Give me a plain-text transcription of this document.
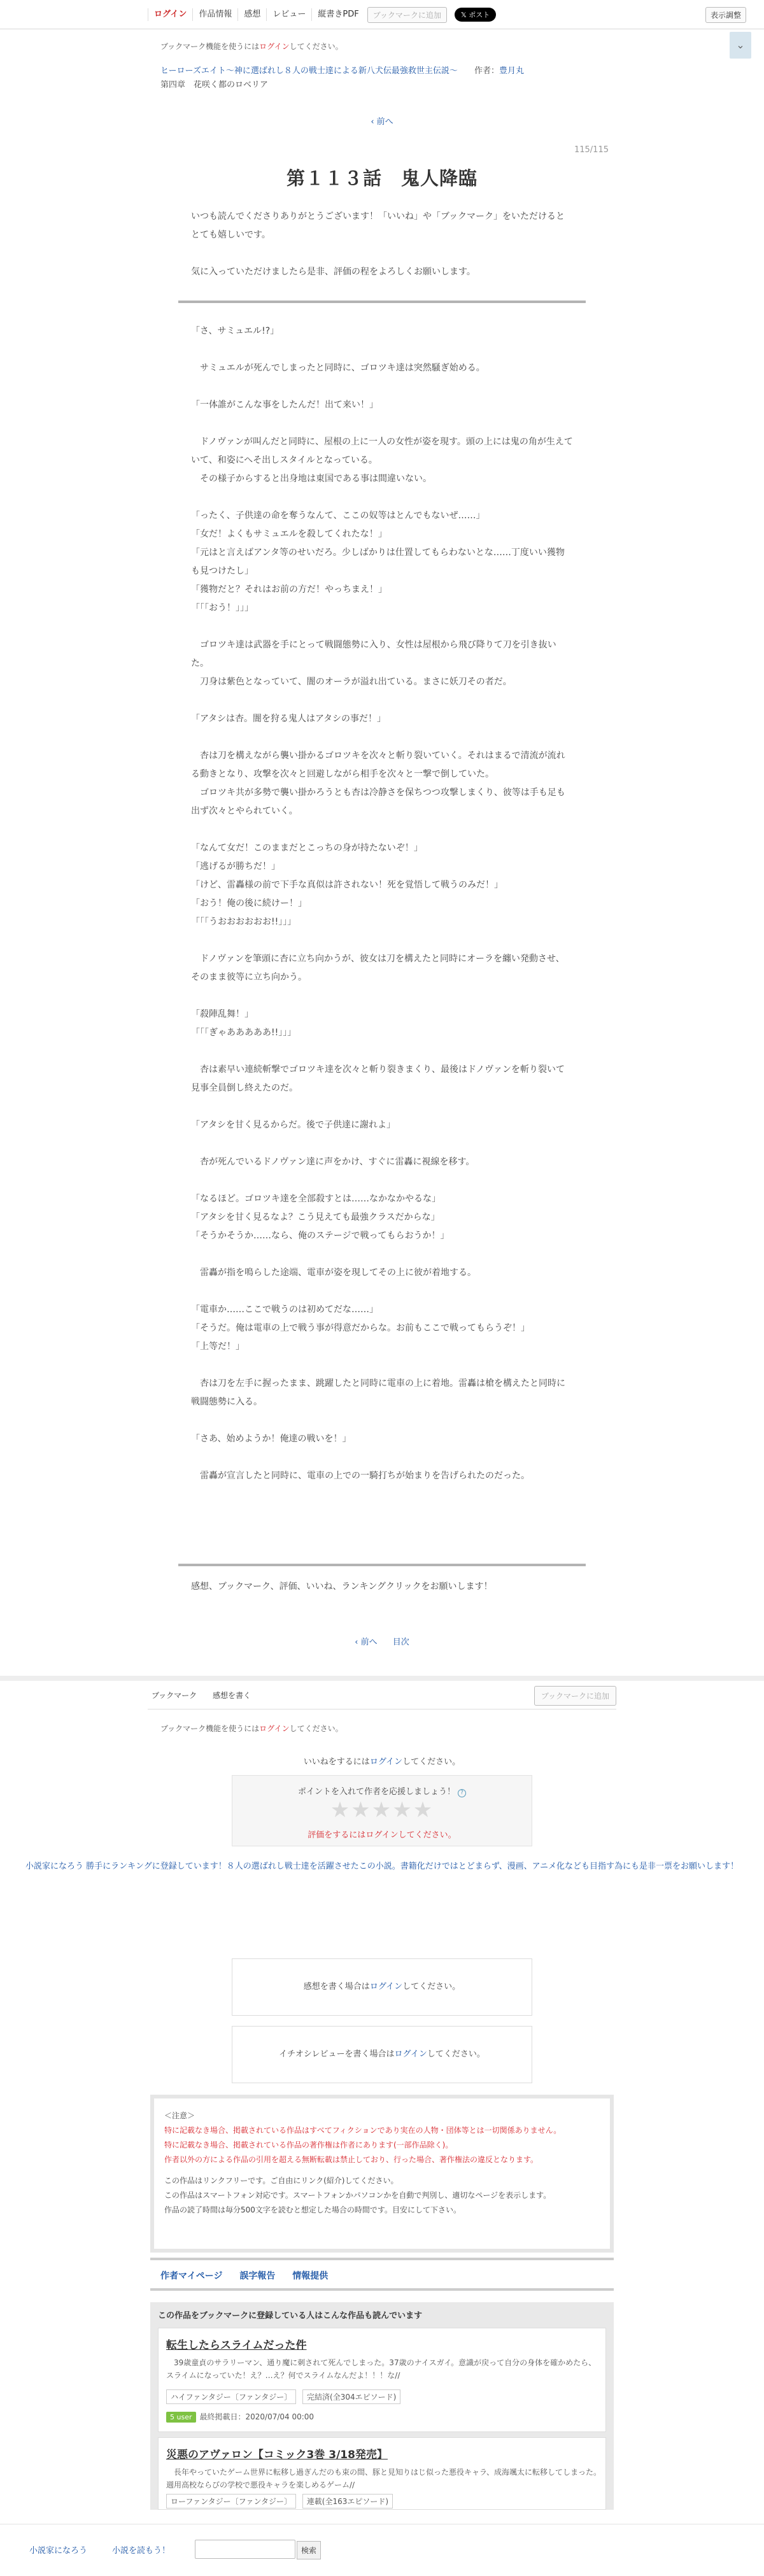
ログイン	作品情報	感想	レビュー	縦書きPDF	ブックマークに追加	𝕏 ポスト	表示調整
ブックマーク機能を使うにはログインしてください。	⌄
ヒーローズエイト〜神に選ばれし８人の戦士達による新八犬伝最強救世主伝説〜 作者：豊月丸
第四章　花咲く都のロベリア
‹ 前へ
115/115
第１１３話　鬼人降臨

いつも読んでくださりありがとうございます！「いいね」や「ブックマーク」をいただけるととても嬉しいです。

気に入っていただけましたら是非、評価の程をよろしくお願いします。

「さ、サミュエル!?」

　サミュエルが死んでしまったと同時に、ゴロツキ達は突然騒ぎ始める。

「一体誰がこんな事をしたんだ！出て来い！」

　ドノヴァンが叫んだと同時に、屋根の上に一人の女性が姿を現す。頭の上には鬼の角が生えていて、和姿にへそ出しスタイルとなっている。
　その様子からすると出身地は東国である事は間違いない。

「ったく、子供達の命を奪うなんて、ここの奴等はとんでもないぜ……」
「女だ！よくもサミュエルを殺してくれたな！」
「元はと言えばアンタ等のせいだろ。少しばかりは仕置してもらわないとな……丁度いい獲物も見つけたし」
「獲物だと？それはお前の方だ！やっちまえ！」
「「「おう！」」」

　ゴロツキ達は武器を手にとって戦闘態勢に入り、女性は屋根から飛び降りて刀を引き抜いた。
　刀身は紫色となっていて、闇のオーラが溢れ出ている。まさに妖刀その者だ。

「アタシは杏。闇を狩る鬼人はアタシの事だ！」

　杏は刀を構えながら襲い掛かるゴロツキを次々と斬り裂いていく。それはまるで清流が流れる動きとなり、攻撃を次々と回避しながら相手を次々と一撃で倒していた。
　ゴロツキ共が多勢で襲い掛かろうとも杏は冷静さを保ちつつ攻撃しまくり、彼等は手も足も出ず次々とやられていく。

「なんて女だ！このままだとこっちの身が持たないぞ！」
「逃げるが勝ちだ！」
「けど、雷轟様の前で下手な真似は許されない！死を覚悟して戦うのみだ！」
「おう！俺の後に続けー！」
「「「うおおおおおお!!」」」

　ドノヴァンを筆頭に杏に立ち向かうが、彼女は刀を構えたと同時にオーラを纏い発動させ、そのまま彼等に立ち向かう。

「殺陣乱舞！」
「「「ぎゃあああああ!!」」」

　杏は素早い連続斬撃でゴロツキ達を次々と斬り裂きまくり、最後はドノヴァンを斬り裂いて見事全員倒し終えたのだ。

「アタシを甘く見るからだ。後で子供達に謝れよ」

　杏が死んでいるドノヴァン達に声をかけ、すぐに雷轟に視線を移す。

「なるほど。ゴロツキ達を全部殺すとは……なかなかやるな」
「アタシを甘く見るなよ？こう見えても最強クラスだからな」
「そうかそうか……なら、俺のステージで戦ってもらおうか！」

　雷轟が指を鳴らした途端、電車が姿を現してその上に彼が着地する。

「電車か……ここで戦うのは初めてだな……」
「そうだ。俺は電車の上で戦う事が得意だからな。お前もここで戦ってもらうぞ！」
「上等だ！」

　杏は刀を左手に握ったまま、跳躍したと同時に電車の上に着地。雷轟は槍を構えたと同時に戦闘態勢に入る。

「さあ、始めようか！俺達の戦いを！」

　雷轟が宣言したと同時に、電車の上での一騎打ちが始まりを告げられたのだった。

感想、ブックマーク、評価、いいね、ランキングクリックをお願いします！
‹ 前へ 目次
ブックマーク	感想を書く	ブックマークに追加
ブックマーク機能を使うにはログインしてください。
いいねをするにはログインしてください。
ポイントを入れて作者を応援しましょう！ ?
★★★★★
評価をするにはログインしてください。
小説家になろう 勝手にランキングに登録しています！８人の選ばれし戦士達を活躍させたこの小説。書籍化だけではとどまらず、漫画、アニメ化なども目指す為にも是非一票をお願いします！
感想を書く場合はログインしてください。
イチオシレビューを書く場合はログインしてください。
＜注意＞
特に記載なき場合、掲載されている作品はすべてフィクションであり実在の人物・団体等とは一切関係ありません。
特に記載なき場合、掲載されている作品の著作権は作者にあります(一部作品除く)。
作者以外の方による作品の引用を超える無断転載は禁止しており、行った場合、著作権法の違反となります。
この作品はリンクフリーです。ご自由にリンク(紹介)してください。
この作品はスマートフォン対応です。スマートフォンかパソコンかを自動で判別し、適切なページを表示します。
作品の読了時間は毎分500文字を読むと想定した場合の時間です。目安にして下さい。
作者マイページ 誤字報告 情報提供
この作品をブックマークに登録している人はこんな作品も読んでいます
転生したらスライムだった件
　39歳童貞のサラリーマン、通り魔に刺されて死んでしまった。37歳のナイスガイ。意識が戻って自分の身体を確かめたら、スライムになっていた！え？…え？何でスライムなんだよ！！！な//
ハイファンタジー〔ファンタジー〕 完結済(全304エピソード)
5 user 最終掲載日：2020/07/04 00:00
災悪のアヴァロン【コミック3巻 3/18発売】
　長年やっていたゲーム世界に転移し過ぎんだのも束の間、豚と見知りはじ似った悪役キャラ、成海颯太に転移してしまった。　週用高校ならびの学校で悪役キャラを楽しめるゲーム//
ローファンタジー〔ファンタジー〕 連載(全163エピソード)
小説家になろう	小説を読もう！	検索
